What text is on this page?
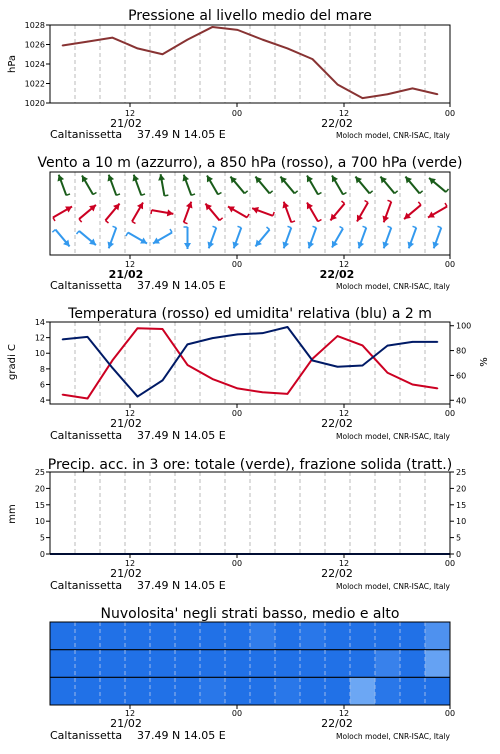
Pressione al livello medio del mare
hPa
Caltanissetta 37.49 N 14.05 E	Moloch model, CNR-ISAC, Italy
Vento a 10 m (azzurro), a 850 hPa (rosso), a 700 hPa (verde)
Caltanissetta 37.49 N 14.05 E	Moloch model, CNR-ISAC, Italy
Temperatura (rosso) ed umidita' relativa (blu) a 2 m
gradi C	%
Caltanissetta 37.49 N 14.05 E	Moloch model, CNR-ISAC, Italy
Precip. acc. in 3 ore: totale (verde), frazione solida (tratt.)
mm
Caltanissetta 37.49 N 14.05 E	Moloch model, CNR-ISAC, Italy
Nuvolosita' negli strati basso, medio e alto
Caltanissetta 37.49 N 14.05 E	Moloch model, CNR-ISAC, Italy
1020
1022
1024
1026
1028
12	00	12	00
21/02	22/02
12	00	12	00
21/02	22/02
4
6
8
10
12
14
40
60
80
100
12	00	12	00
21/02	22/02
0
5
10
15
20
25
0
5
10
15
20
25
12	00	12	00
21/02	22/02
12	00	12	00
21/02	22/02
